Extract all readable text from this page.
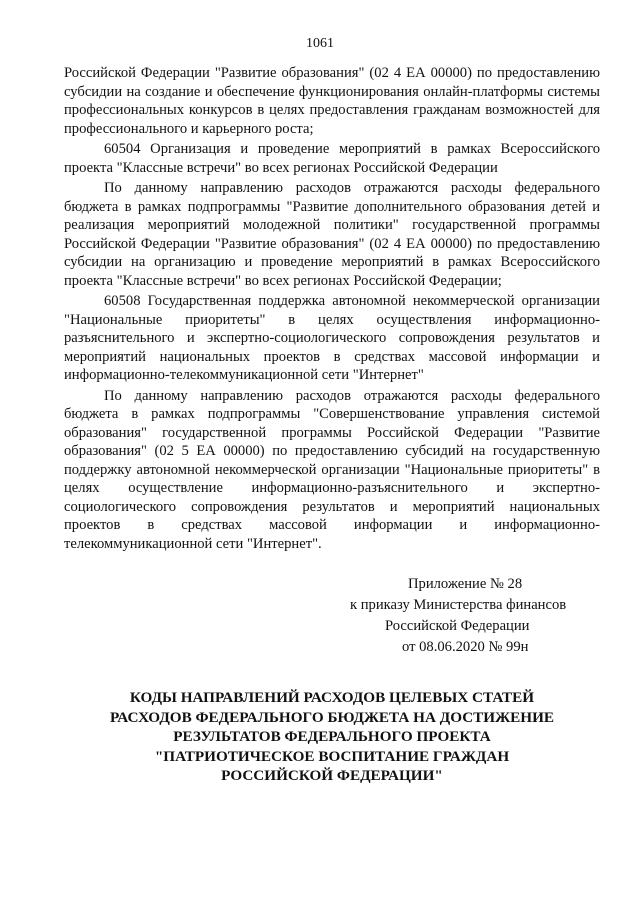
1061

Российской Федерации "Развитие образования" (02 4 ЕА 00000) по предоставлению субсидии на создание и обеспечение функционирования онлайн-платформы системы профессиональных конкурсов в целях предоставления гражданам возможностей для профессионального и карьерного роста;

60504 Организация и проведение мероприятий в рамках Всероссийского проекта "Классные встречи" во всех регионах Российской Федерации

По данному направлению расходов отражаются расходы федерального бюджета в рамках подпрограммы "Развитие дополнительного образования детей и реализация мероприятий молодежной политики" государственной программы Российской Федерации "Развитие образования" (02 4 ЕА 00000) по предоставлению субсидии на организацию и проведение мероприятий в рамках Всероссийского проекта "Классные встречи" во всех регионах Российской Федерации;

60508 Государственная поддержка автономной некоммерческой организации "Национальные приоритеты" в целях осуществления информационно-разъяснительного и экспертно-социологического сопровождения результатов и мероприятий национальных проектов в средствах массовой информации и информационно-телекоммуникационной сети "Интернет"

По данному направлению расходов отражаются расходы федерального бюджета в рамках подпрограммы "Совершенствование управления системой образования" государственной программы Российской Федерации "Развитие образования" (02 5 ЕА 00000) по предоставлению субсидий на государственную поддержку автономной некоммерческой организации "Национальные приоритеты" в целях осуществление информационно-разъяснительного и экспертно-социологического сопровождения результатов и мероприятий национальных проектов в средствах массовой информации и информационно-телекоммуникационной сети "Интернет".

Приложение № 28
к приказу Министерства финансов
Российской Федерации
от 08.06.2020 № 99н
КОДЫ НАПРАВЛЕНИЙ РАСХОДОВ ЦЕЛЕВЫХ СТАТЕЙ
РАСХОДОВ ФЕДЕРАЛЬНОГО БЮДЖЕТА НА ДОСТИЖЕНИЕ
РЕЗУЛЬТАТОВ ФЕДЕРАЛЬНОГО ПРОЕКТА
"ПАТРИОТИЧЕСКОЕ ВОСПИТАНИЕ ГРАЖДАН
РОССИЙСКОЙ ФЕДЕРАЦИИ"
